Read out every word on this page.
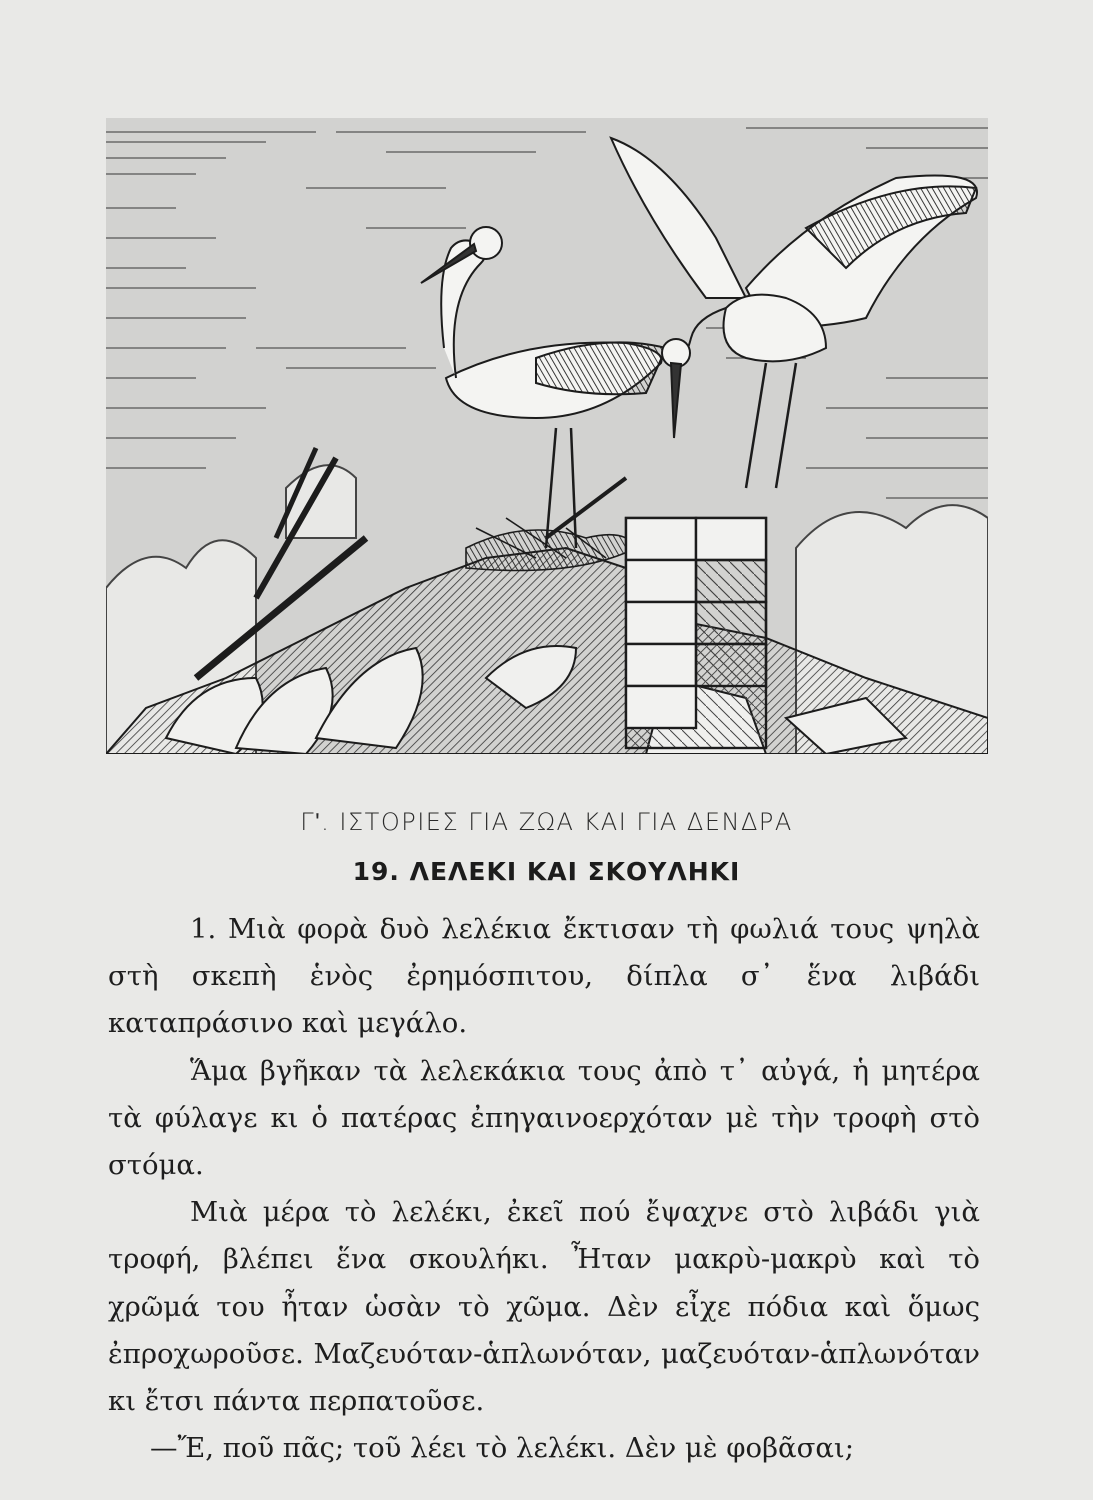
Γʹ. ΙΣΤΟΡΙΕΣ ΓΙΑ ΖΩΑ ΚΑΙ ΓΙΑ ΔΕΝΔΡΑ
19. ΛΕΛΕΚΙ ΚΑΙ ΣΚΟΥΛΗΚΙ

1. Μιὰ φορὰ δυὸ λελέκια ἔκτισαν τὴ φωλιά τους ψηλὰ στὴ σκεπὴ ἑνὸς ἐρημόσπιτου, δίπλα σ᾽ ἕνα λιβάδι καταπράσινο καὶ μεγάλο.

Ἅμα βγῆκαν τὰ λελεκάκια τους ἀπὸ τ᾽ αὐγά, ἡ μητέρα τὰ φύλαγε κι ὁ πατέρας ἐπηγαινοερχόταν μὲ τὴν τροφὴ στὸ στόμα.

Μιὰ μέρα τὸ λελέκι, ἐκεῖ πού ἔψαχνε στὸ λιβάδι γιὰ τροφή, βλέπει ἕνα σκουλήκι. Ἦταν μακρὺ-μακρὺ καὶ τὸ χρῶμά του ἦταν ὡσὰν τὸ χῶμα. Δὲν εἶχε πόδια καὶ ὅμως ἐπροχωροῦσε. Μαζευόταν-ἁπλωνόταν, μαζευόταν-ἁπλωνόταν κι ἔτσι πάντα περπατοῦσε.

—Ἔ, ποῦ πᾶς; τοῦ λέει τὸ λελέκι. Δὲν μὲ φοβᾶσαι;
